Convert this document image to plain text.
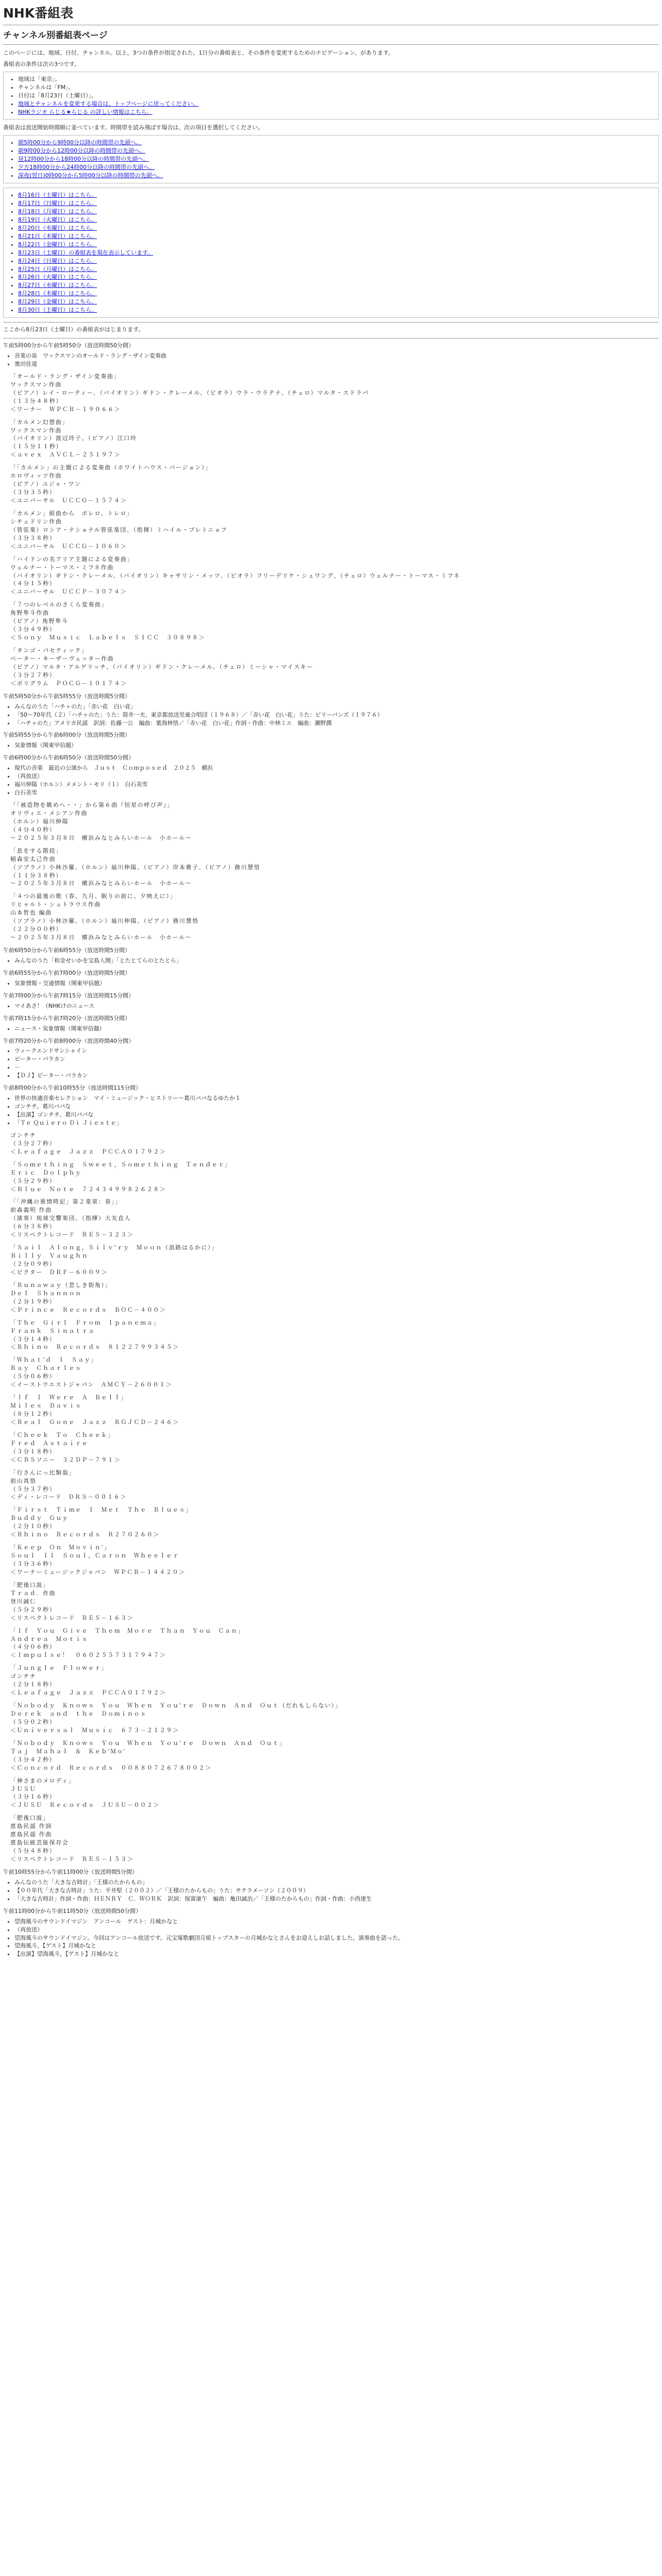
NHK番組表
チャンネル別番組表ページ

このページには、地域、日付、チャンネル、以上、3つの条件が指定された、1日分の番組表と、その条件を変更するためのナビゲーション、があります。

番組表の条件は次の3つです。

• 地域は「東京」。
• チャンネルは「FM」。
• 日付は「8月23日（土曜日）」。
• 地域とチャンネルを変更する場合は、トップページに戻ってください。
• NHKラジオ らじる★らじる の詳しい情報はこちら。

番組表は放送開始時間順に並べています。時間帯を読み飛ばす場合は、次の項目を選択してください。

• 朝5時00分から9時00分以降の時間帯の先頭へ。
• 朝9時00分から12時00分以降の時間帯の先頭へ。
• 昼12時00分から18時00分以降の時間帯の先頭へ。
• 夕方18時00分から24時00分以降の時間帯の先頭へ。
• 深夜(翌日)0時00分から5時00分以降の時間帯の先頭へ。
• 8月16日（土曜日）はこちら。
• 8月17日（日曜日）はこちら。
• 8月18日（月曜日）はこちら。
• 8月19日（火曜日）はこちら。
• 8月20日（水曜日）はこちら。
• 8月21日（木曜日）はこちら。
• 8月22日（金曜日）はこちら。
• 8月23日（土曜日）の番組表を現在表示しています。
• 8月24日（日曜日）はこちら。
• 8月25日（月曜日）はこちら。
• 8月26日（火曜日）はこちら。
• 8月27日（水曜日）はこちら。
• 8月28日（木曜日）はこちら。
• 8月29日（金曜日）はこちら。
• 8月30日（土曜日）はこちら。

ここから8月23日（土曜日）の番組表がはじまります。

午前5時00分から午前5時50分（放送時間50分間）

• 音楽の泉　ワックスマンのオールド・ラング・ザイン変奏曲
• 奥田佳道
「オールド・ラング・ザイン変奏曲」
ワックスマン作曲
（ピアノ）レイ・ローティー、（バイオリン）ギドン・クレーメル、（ビオラ）ウラ・ウラテナ、（チェロ）マルタ・スドラバ
（１３分４８秒）
＜ワーナー　ＷＰＣＲ－１９０６６＞
「カルメン幻想曲」
ワックスマン作曲
（バイオリン）渡辺玲子、（ピアノ）江口玲
（１５分１１秒）
＜ａｖｅｘ　ＡＶＣＬ－２５１９７＞
「「カルメン」の主題による変奏曲（ホワイトハウス・バージョン）」
ホロヴィッツ作曲
（ピアノ）ユジャ・ワン
（３分３５秒）
＜ユニバーサル　ＵＣＣＧ－１５７４＞
「カルメン」組曲から　ボレロ、トレロ」
シチェドリン作曲
（管弦楽）ロシア・ナショナル管弦楽団、（指揮）ミハイル・プレトニョフ
（３分３８秒）
＜ユニバーサル　ＵＣＣＧ－１０６０＞
「ハイドンの名アリア主題による変奏曲」
ウェルナー・トーマス・ミフネ作曲
（バイオリン）ギドン・クレーメル、（バイオリン）キャサリン・メッツ、（ビオラ）フリーデリケ・シュワング、（チェロ）ウェルナー・トーマス・ミフネ
（４分１５秒）
＜ユニバーサル　ＵＣＣＰ－３０７４＞
「７つのレベルのさくら変奏曲」
角野隼斗作曲
（ピアノ）角野隼斗
（３分４９秒）
＜Ｓｏｎｙ　Ｍｕｓｉｃ　Ｌａｂｅｌｓ　ＳＩＣＣ　３０８９８＞
「タンゴ・パセティック」
ペーター・キーザーヴェッター作曲
（ピアノ）マルタ・アルゲリッチ、（バイオリン）ギドン・クレーメル、（チェロ）ミーシャ・マイスキー
（３分２７秒）
＜ボリグラム　ＰＯＣＧ－１０１７４＞

午前5時50分から午前5時55分（放送時間5分間）

• みんなのうた「ハチヶのた」「赤い花　白い花」
• 「50～70年代（２）「ハチヶのた」うた：筒井一夫、東京都放送児童合唱団（１９６８）／「赤い花　白い花」うた：ビリーバンズ（１９７６）
• 「ハチヶのた」アメリカ民謡　訳詞：佐藤一公　編曲：葉海林悟／「赤い花　白い花」作詞・作曲：中林ミエ　編曲：瀬野潤

午前5時55分から午前6時00分（放送時間5分間）

• 気象情報（関東甲信越）

午前6時00分から午前6時50分（放送時間50分間）

• 現代の音楽　最近の公演から　Ｊｕｓｔ　Ｃｏｍｐｏｓｅｄ　２０２５　横浜
• （再放送）
• 福川伸陽（ホルン）メメント・モリ（１）　白石美雪
• 白石美雪
「「被造物を眺めへ・・」から第６曲『恒星の呼び声』」
オリヴィエ・メシアン作曲
（ホルン）福川伸陽
（４分４０秒）
～２０２５年３月８日　横浜みなとみらいホール　小ホール～
「息をする階段」
稲森安太己作曲
（ソプラノ）小林沙羅、（ホルン）福川伸陽、（ピアノ）岸本雅子、（ピアノ）務川慧悟
（１１分３８秒）
～２０２５年３月８日　横浜みなとみらいホール　小ホール～
「４つの最後の歌（春、九月、眠りの前に、夕映えに）」
リヒャルト・シュトラウス作曲
山本哲也 編曲
（ソプラノ）小林沙羅、（ホルン）福川伸陽、（ピアノ）務川慧悟
（２２分００秒）
～２０２５年３月８日　横浜みなとみらいホール　小ホール～

午前6時50分から午前6時55分（放送時間5分間）

• みんなのうた「和金せいかを宝島人間」「とたとてらのとたとら」

午前6時55分から午前7時00分（放送時間5分間）

• 気象情報・交通情報（関東甲信越）

午前7時00分から午前7時15分（放送時間15分間）

• マイあさ！（NHKけのニュース

午前7時15分から午前7時20分（放送時間5分間）

• ニュース・気象情報（関東甲信越）

午前7時20分から午前8時00分（放送時間40分間）

• ウィークエンドサンシャイン
• ピーター・バラカン
• －
• 【ＤＪ】ピーター・バラカン

午前8時00分から午前10時55分（放送時間115分間）

• 世界の快適音楽セレクション　マイ・ミュージック・ヒストリー～葛川パパなるゆたか１
• ゴンチチ、葛川パパな
• 【出演】ゴンチチ、葛川パパな
• 「Ｔｅ Ｑｕｉｅｒｏ Ｄｉ Ｊｉｅｓｔｅ」
ゴンチチ
（３分２７秒）
＜Ｌｅａｆａｇｅ　Ｊａｚｚ　ＰＣＣＡ０１７９２＞
「Ｓｏｍｅｔｈｉｎｇ　Ｓｗｅｅｔ，Ｓｏｍｅｔｈｉｎｇ　Ｔｅｎｄｅｒ」
Ｅｒｉｃ　Ｄｏｌｐｈｙ
（５分２９秒）
＜Ｂｌｕｅ　Ｎｏｔｅ　７２４３４９９８２６２８＞
「「沖縄の慕情時記」第２楽章：春」」
前森義明 作曲
（演奏）琉球交響楽団、（指揮）大友直人
（６分３８秒）
＜リスペクトレコード　ＲＥＳ－３２３＞
「Ｓａｉｌ　Ａｌｏｎｇ，Ｓｉｌｖ’ｒｙ　Ｍｏｏｎ（浪路はるかに）」
Ｂｉｌｌｙ　Ｖａｕｇｈｎ
（２分０９秒）
＜ビクター　ＤＲＦ－６００９＞
「Ｒｕｎａｗａｙ（悲しき街角）」
Ｄｅｌ　Ｓｈａｎｎｏｎ
（２分１９秒）
＜Ｐｒｉｎｃｅ　Ｒｅｃｏｒｄｓ　ＢＯＣ－４００＞
「Ｔｈｅ　Ｇｉｒｌ　Ｆｒｏｍ　Ｉｐａｎｅｍａ」
Ｆｒａｎｋ　Ｓｉｎａｔｒａ
（３分１４秒）
＜Ｒｈｉｎｏ　Ｒｅｃｏｒｄｓ　８１２２７９９３４５＞
「Ｗｈａｔ’ｄ　Ｉ　Ｓａｙ」
Ｒａｙ　Ｃｈａｒｌｅｓ
（５分０６秒）
＜イーストウエストジャパン　ＡＭＣＹ－２６００１＞
「Ｉｆ　Ｉ　Ｗｅｒｅ　Ａ　Ｂｅｌｌ」
Ｍｉｌｅｓ　Ｄａｖｉｓ
（８分１２秒）
＜Ｒｅａｌ　Ｇｏｎｅ　Ｊａｚｚ　ＲＧＪＣＤ－２４６＞
「Ｃｈｅｅｋ　Ｔｏ　Ｃｈｅｅｋ」
Ｆｒｅｄ　Ａｓｔａｉｒｅ
（３分１８秒）
＜ＣＢＳソニー　３２ＤＰ－７９１＞
「行さんにっ比類翁」
前山真悟
（５分３７秒）
＜ディ・レコード　ＤＲＳ－００１６＞
「Ｆｉｒｓｔ　Ｔｉｍｅ　Ｉ　Ｍｅｔ　Ｔｈｅ　Ｂｌｕｅｓ」
Ｂｕｄｄｙ　Ｇｕｙ
（２分１０秒）
＜Ｒｈｉｎｏ　Ｒｅｃｏｒｄｓ　Ｒ２７０２６０＞
「Ｋｅｅｐ　Ｏｎ　Ｍｏｖｉｎ’」
Ｓｏｕｌ　ＩＩ　Ｓｏｕｌ，Ｃａｒｏｎ　Ｗｈｅｅｌｅｒ
（３分３６秒）
＜ワーナーミュージックジャパン　ＷＰＣＲ－１４４２０＞
「肥後口説」
Ｔｒａｄ．作曲
登川誠仁
（５分２９秒）
＜リスペクトレコード　ＲＥＳ－１６３＞
「Ｉｆ　Ｙｏｕ　Ｇｉｖｅ　Ｔｈｅｍ　Ｍｏｒｅ　Ｔｈａｎ　Ｙｏｕ　Ｃａｎ」
Ａｎｄｒｅａ　Ｍｏｔｉｓ
（４分０６秒）
＜Ｉｍｐｕｌｓｅ！　０６０２５５７３１７９４７＞
「Ｊｕｎｇｌｅ　Ｆｌｏｗｅｒ」
ゴンチチ
（２分１８秒）
＜Ｌｅａｆａｇｅ　Ｊａｚｚ　ＰＣＣＡ０１７９２＞
「Ｎｏｂｏｄｙ　Ｋｎｏｗｓ　Ｙｏｕ　Ｗｈｅｎ　Ｙｏｕ’ｒｅ　Ｄｏｗｎ　Ａｎｄ　Ｏｕｔ（だれもしらない）」
Ｄｅｒｅｋ　ａｎｄ　ｔｈｅ　Ｄｏｍｉｎｏｓ
（５分０２秒）
＜Ｕｎｉｖｅｒｓａｌ　Ｍｕｓｉｃ　６７３－２１２９＞
「Ｎｏｂｏｄｙ　Ｋｎｏｗｓ　Ｙｏｕ　Ｗｈｅｎ　Ｙｏｕ’ｒｅ　Ｄｏｗｎ　Ａｎｄ　Ｏｕｔ」
Ｔａｊ　Ｍａｈａｌ　＆　Ｋｅｂ’Ｍｏ’
（３分４２秒）
＜Ｃｏｎｃｏｒｄ　Ｒｅｃｏｒｄｓ　００８８０７２６７８００２＞
「神さまのメロディ」
ＪＵＳＵ
（３分１６秒）
＜ＪＵＳＵ　Ｒｅｃｏｒｄｓ　ＪＵＳＵ－００２＞
「肥後口説」
恵島民謡 作詞
恵島民謡 作曲
恵島伝統芸能保存会
（５分４８秒）
＜リスペクトレコード　ＲＥＳ－１５３＞

午前10時55分から午前11時00分（放送時間5分間）

• みんなのうた「大きな古時計」「王様のたからもの」
• 【００年代「大きな古時計」うた：平井堅（２００２）／「王様のたからもの」うた：サクラメーソン（２００９）
• 「大きな古時計」作詞・作曲：ＨＥＮＲＹ　Ｃ．ＷＯＲＫ　訳詞：保富康午　編曲：亀田誠治／「王様のたからもの」作詞・作曲：小西達生

午前11時00分から午前11時50分（放送時間50分間）

• 望海風斗のサウンドイマジン　アンコール　ゲスト：月城かなと
• （再放送）
• 望海風斗のサウンドイマジン。今回はアンコール放送です。元宝塚歌劇団月組トップスターの月城かなとさんをお迎えしお話しました。演奏曲を語った。
• 望海風斗，【ゲスト】月城かなと
• 【出演】望海風斗，【ゲスト】月城かなと
